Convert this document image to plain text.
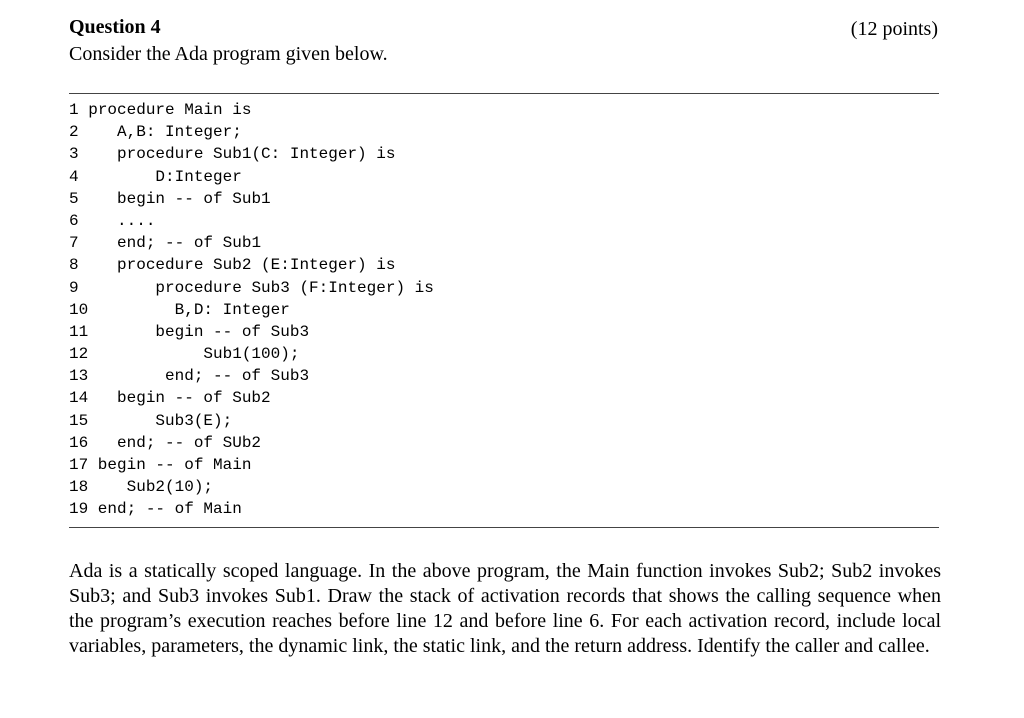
Question 4	(12 points)
Consider the Ada program given below.
1 procedure Main is
2    A,B: Integer;
3    procedure Sub1(C: Integer) is
4        D:Integer
5    begin -- of Sub1
6    ....
7    end; -- of Sub1
8    procedure Sub2 (E:Integer) is
9        procedure Sub3 (F:Integer) is
10         B,D: Integer
11       begin -- of Sub3
12            Sub1(100);
13        end; -- of Sub3
14   begin -- of Sub2
15       Sub3(E);
16   end; -- of SUb2
17 begin -- of Main
18    Sub2(10);
19 end; -- of Main
Ada is a statically scoped language. In the above program, the Main function invokes Sub2; Sub2 invokes Sub3; and Sub3 invokes Sub1. Draw the stack of activation records that shows the calling sequence when the program’s execution reaches before line 12 and before line 6. For each activation record, include local variables, parameters, the dynamic link, the static link, and the return address. Identify the caller and callee.
